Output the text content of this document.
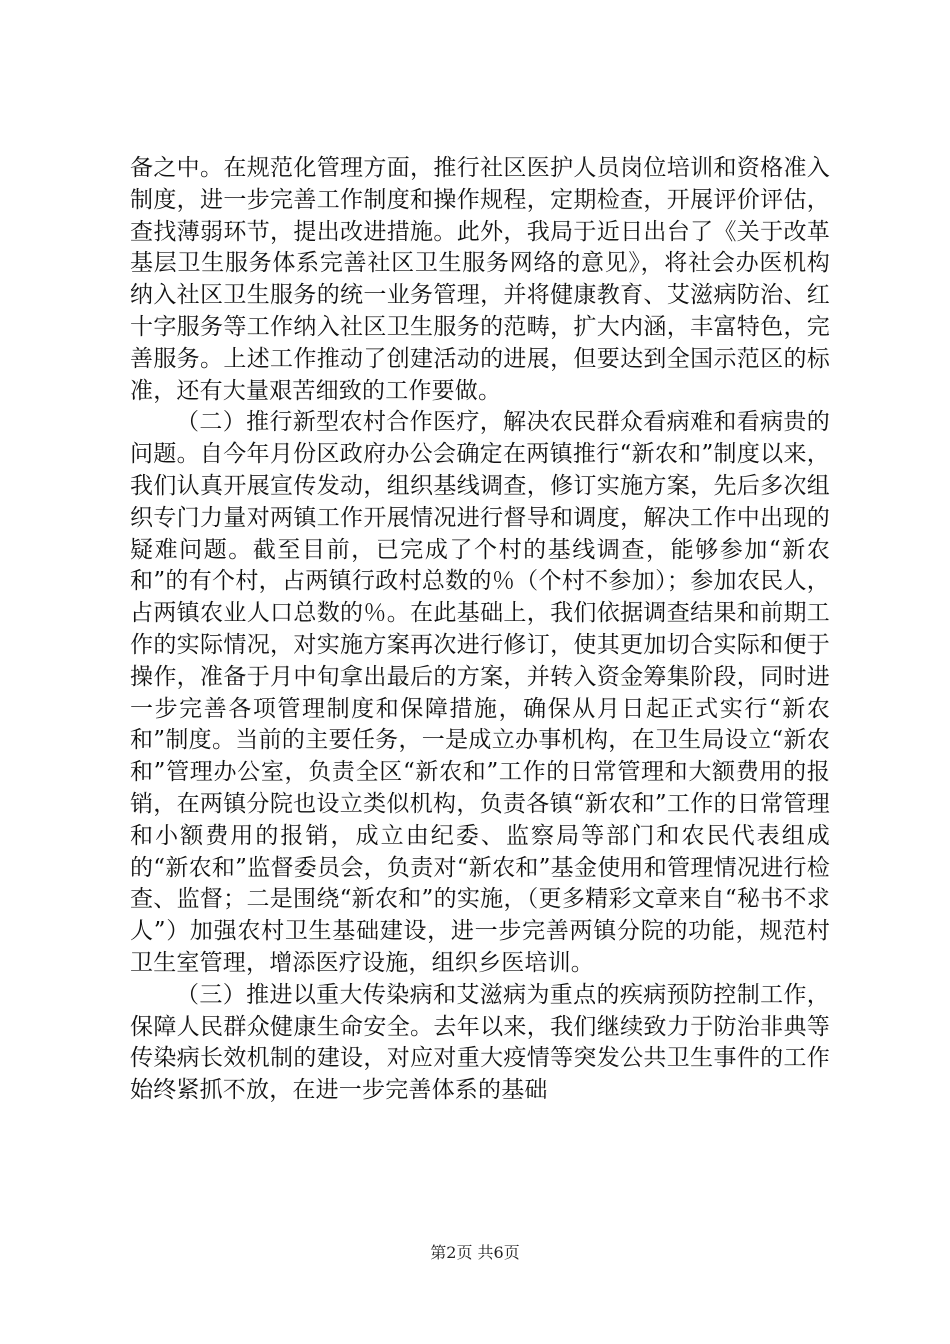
备之中。在规范化管理方面，推行社区医护人员岗位培训和资格准入制度，进一步完善工作制度和操作规程，定期检查，开展评价评估，查找薄弱环节，提出改进措施。此外，我局于近日出台了《关于改革基层卫生服务体系完善社区卫生服务网络的意见》，将社会办医机构纳入社区卫生服务的统一业务管理，并将健康教育、艾滋病防治、红十字服务等工作纳入社区卫生服务的范畴，扩大内涵，丰富特色，完善服务。上述工作推动了创建活动的进展，但要达到全国示范区的标准，还有大量艰苦细致的工作要做。

（二）推行新型农村合作医疗，解决农民群众看病难和看病贵的问题。自今年月份区政府办公会确定在两镇推行“新农和”制度以来，我们认真开展宣传发动，组织基线调查，修订实施方案，先后多次组织专门力量对两镇工作开展情况进行督导和调度，解决工作中出现的疑难问题。截至目前，已完成了个村的基线调查，能够参加“新农和”的有个村，占两镇行政村总数的％（个村不参加）；参加农民人，占两镇农业人口总数的％。在此基础上，我们依据调查结果和前期工作的实际情况，对实施方案再次进行修订，使其更加切合实际和便于操作，准备于月中旬拿出最后的方案，并转入资金筹集阶段，同时进一步完善各项管理制度和保障措施，确保从月日起正式实行“新农和”制度。当前的主要任务，一是成立办事机构，在卫生局设立“新农和”管理办公室，负责全区“新农和”工作的日常管理和大额费用的报销，在两镇分院也设立类似机构，负责各镇“新农和”工作的日常管理和小额费用的报销，成立由纪委、监察局等部门和农民代表组成的“新农和”监督委员会，负责对“新农和”基金使用和管理情况进行检查、监督；二是围绕“新农和”的实施，（更多精彩文章来自“秘书不求人”）加强农村卫生基础建设，进一步完善两镇分院的功能，规范村卫生室管理，增添医疗设施，组织乡医培训。

（三）推进以重大传染病和艾滋病为重点的疾病预防控制工作，保障人民群众健康生命安全。去年以来，我们继续致力于防治非典等传染病长效机制的建设，对应对重大疫情等突发公共卫生事件的工作始终紧抓不放，在进一步完善体系的基础

第2页 共6页
